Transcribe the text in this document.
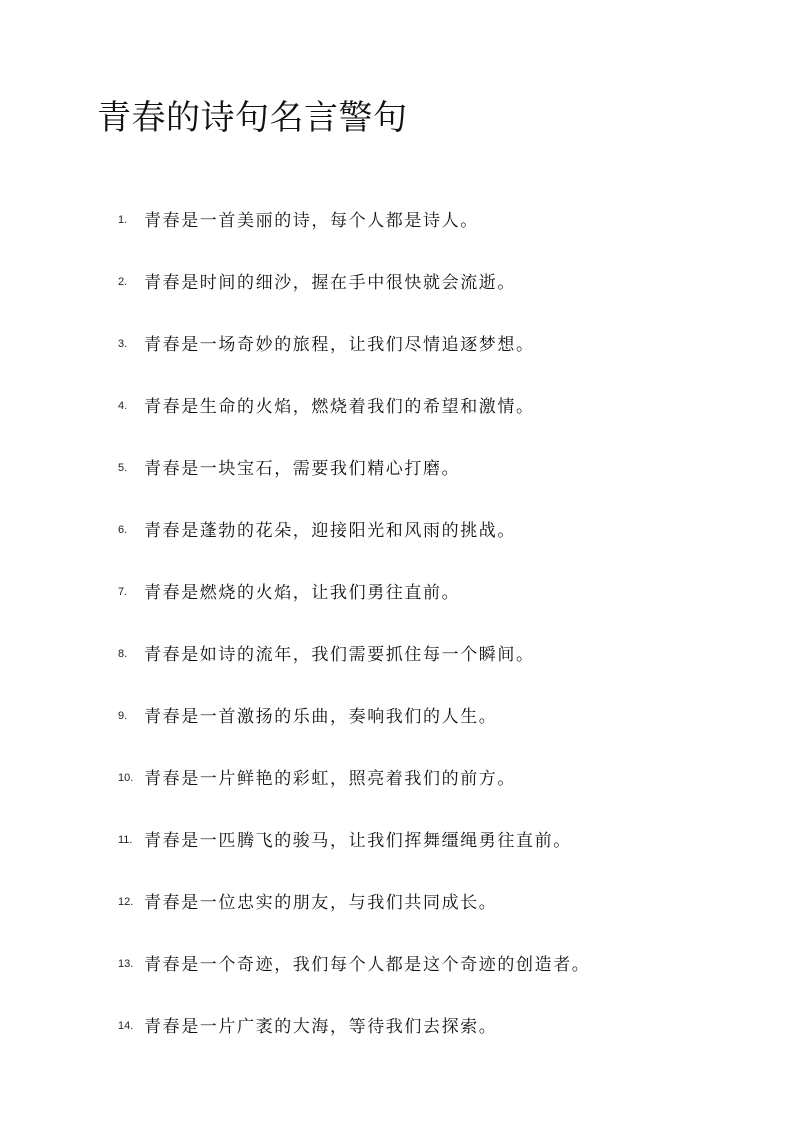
青春的诗句名言警句
1. 青春是一首美丽的诗，每个人都是诗人。
2. 青春是时间的细沙，握在手中很快就会流逝。
3. 青春是一场奇妙的旅程，让我们尽情追逐梦想。
4. 青春是生命的火焰，燃烧着我们的希望和激情。
5. 青春是一块宝石，需要我们精心打磨。
6. 青春是蓬勃的花朵，迎接阳光和风雨的挑战。
7. 青春是燃烧的火焰，让我们勇往直前。
8. 青春是如诗的流年，我们需要抓住每一个瞬间。
9. 青春是一首激扬的乐曲，奏响我们的人生。
10. 青春是一片鲜艳的彩虹，照亮着我们的前方。
11. 青春是一匹腾飞的骏马，让我们挥舞缰绳勇往直前。
12. 青春是一位忠实的朋友，与我们共同成长。
13. 青春是一个奇迹，我们每个人都是这个奇迹的创造者。
14. 青春是一片广袤的大海，等待我们去探索。
